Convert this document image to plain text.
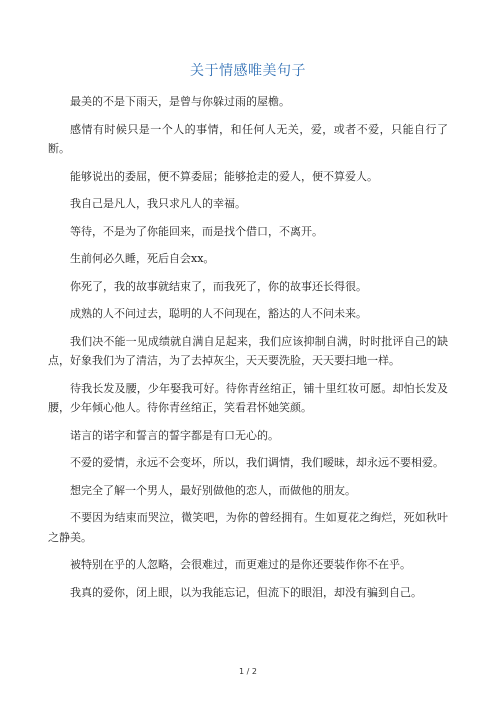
关于情感唯美句子

最美的不是下雨天，是曾与你躲过雨的屋檐。

感情有时候只是一个人的事情，和任何人无关，爱，或者不爱，只能自行了断。

能够说出的委屈，便不算委屈；能够抢走的爱人，便不算爱人。

我自己是凡人，我只求凡人的幸福。

等待，不是为了你能回来，而是找个借口，不离开。

生前何必久睡，死后自会xx。

你死了，我的故事就结束了，而我死了，你的故事还长得很。

成熟的人不问过去，聪明的人不问现在，豁达的人不问未来。

我们决不能一见成绩就自满自足起来，我们应该抑制自满，时时批评自己的缺点，好象我们为了清洁，为了去掉灰尘，天天要洗脸，天天要扫地一样。

待我长发及腰，少年娶我可好。待你青丝绾正，铺十里红妆可愿。却怕长发及腰，少年倾心他人。待你青丝绾正，笑看君怀她笑颜。

诺言的诺字和誓言的誓字都是有口无心的。

不爱的爱情，永远不会变坏，所以，我们调情，我们暧昧，却永远不要相爱。

想完全了解一个男人，最好别做他的恋人，而做他的朋友。

不要因为结束而哭泣，微笑吧，为你的曾经拥有。生如夏花之绚烂，死如秋叶之静美。

被特别在乎的人忽略，会很难过，而更难过的是你还要装作你不在乎。

我真的爱你，闭上眼，以为我能忘记，但流下的眼泪，却没有骗到自己。

1 / 2
